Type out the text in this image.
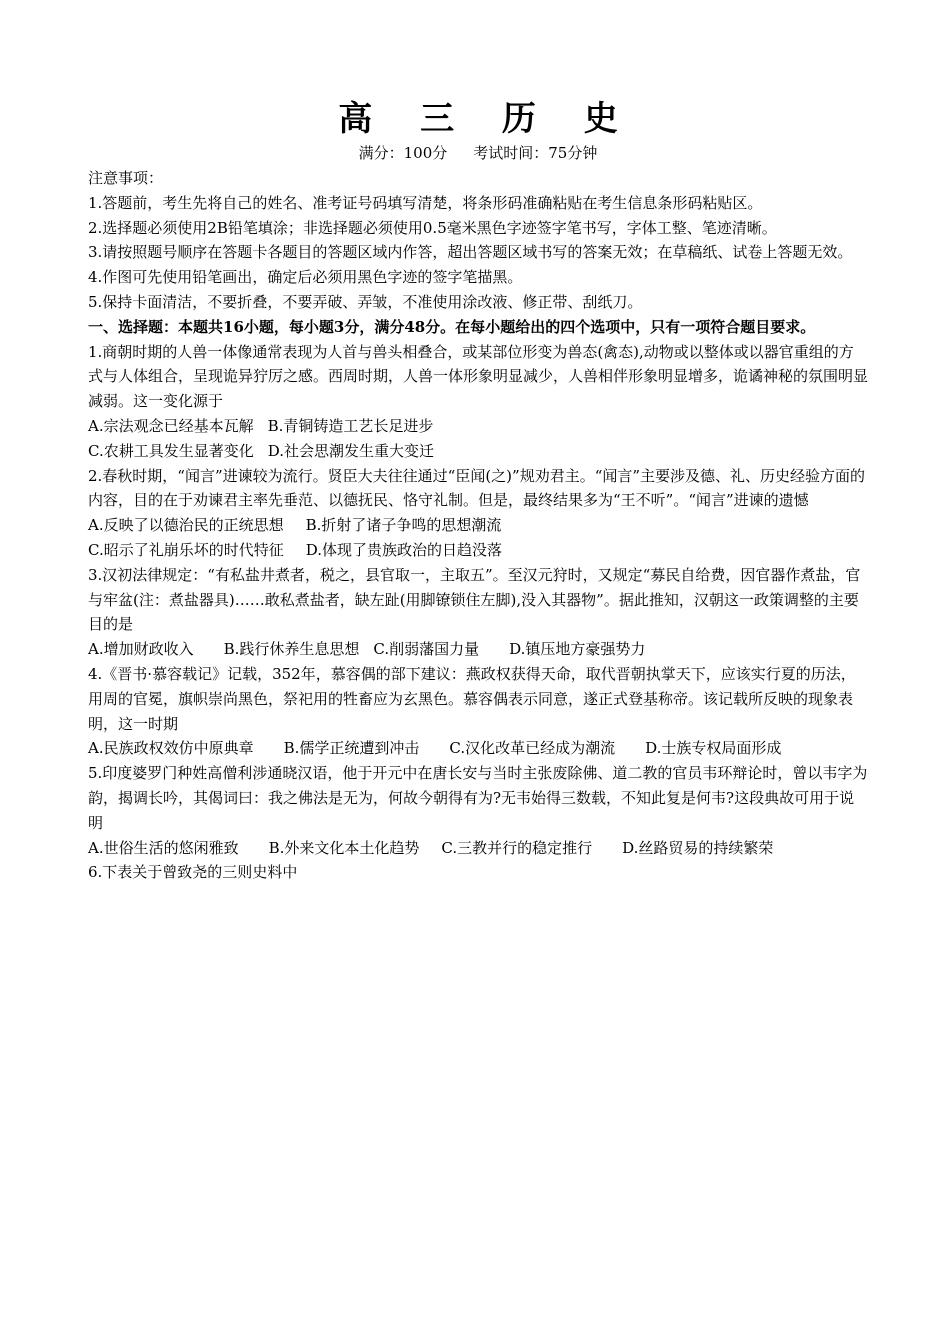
高 三 历 史
满分：100分 考试时间：75分钟
注意事项：
1.答题前，考生先将自己的姓名、准考证号码填写清楚，将条形码准确粘贴在考生信息条形码粘贴区。
2.选择题必须使用2B铅笔填涂；非选择题必须使用0.5毫米黑色字迹签字笔书写，字体工整、笔迹清晰。
3.请按照题号顺序在答题卡各题目的答题区域内作答，超出答题区域书写的答案无效；在草稿纸、试卷上答题无效。
4.作图可先使用铅笔画出，确定后必须用黑色字迹的签字笔描黑。
5.保持卡面清洁，不要折叠，不要弄破、弄皱，不准使用涂改液、修正带、刮纸刀。
一、选择题：本题共16小题，每小题3分，满分48分。在每小题给出的四个选项中，只有一项符合题目要求。
1.商朝时期的人兽一体像通常表现为人首与兽头相叠合，或某部位形变为兽态(禽态),动物或以整体或以器官重组的方式与人体组合，呈现诡异狞厉之感。西周时期，人兽一体形象明显减少，人兽相伴形象明显增多，诡谲神秘的氛围明显减弱。这一变化源于
A.宗法观念已经基本瓦解 B.青铜铸造工艺长足进步
C.农耕工具发生显著变化 D.社会思潮发生重大变迁
2.春秋时期，“闻言”进谏较为流行。贤臣大夫往往通过“臣闻(之)”规劝君主。“闻言”主要涉及德、礼、历史经验方面的内容，目的在于劝谏君主率先垂范、以德抚民、恪守礼制。但是，最终结果多为“王不听”。“闻言”进谏的遗憾
A.反映了以德治民的正统思想 B.折射了诸子争鸣的思想潮流
C.昭示了礼崩乐坏的时代特征 D.体现了贵族政治的日趋没落
3.汉初法律规定：“有私盐井煮者，税之，县官取一，主取五”。至汉元狩时，又规定“募民自给费，因官器作煮盐，官与牢盆(注：煮盐器具)……敢私煮盐者，缺左趾(用脚镣锁住左脚),没入其器物”。据此推知，汉朝这一政策调整的主要目的是
A.增加财政收入 B.践行休养生息思想 C.削弱藩国力量 D.镇压地方豪强势力
4.《晋书·慕容载记》记载，352年，慕容偶的部下建议：燕政权获得天命，取代晋朝执掌天下，应该实行夏的历法，用周的官冕，旗帜崇尚黑色，祭祀用的牲畜应为玄黑色。慕容偶表示同意，遂正式登基称帝。该记载所反映的现象表明，这一时期
A.民族政权效仿中原典章 B.儒学正统遭到冲击 C.汉化改革已经成为潮流 D.士族专权局面形成
5.印度婆罗门种姓高僧利涉通晓汉语，他于开元中在唐长安与当时主张废除佛、道二教的官员韦环辩论时，曾以韦字为韵，揭调长吟，其偈词曰：我之佛法是无为，何故今朝得有为?无韦始得三数载，不知此复是何韦?这段典故可用于说明
A.世俗生活的悠闲雅致 B.外来文化本土化趋势 C.三教并行的稳定推行 D.丝路贸易的持续繁荣
6.下表关于曾致尧的三则史料中
